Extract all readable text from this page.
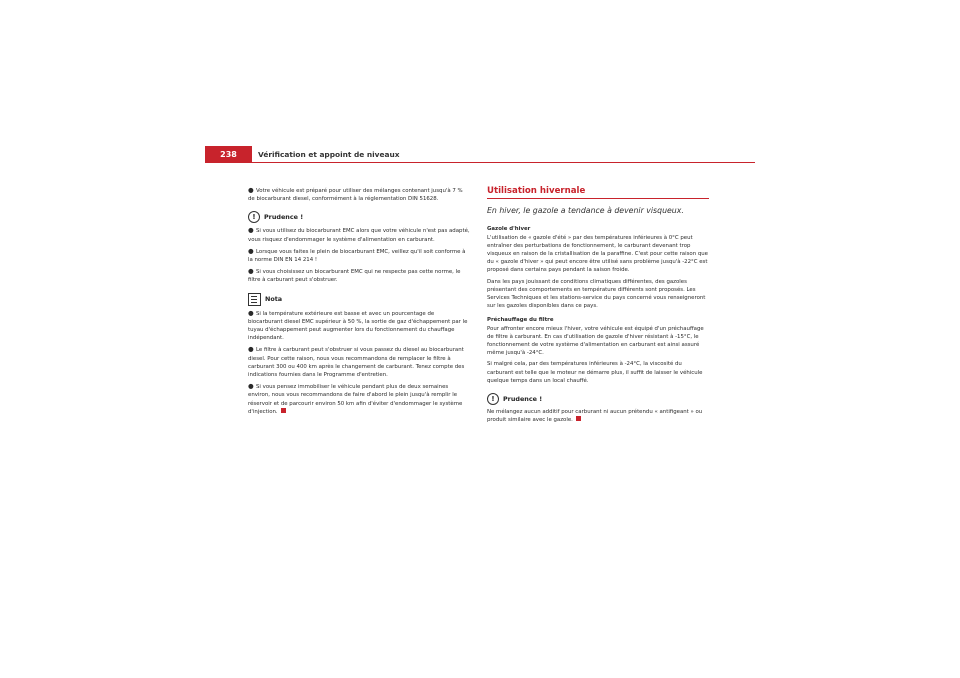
238	Vérification et appoint de niveaux
● Votre véhicule est préparé pour utiliser des mélanges contenant jusqu'à 7 % de biocarburant diesel, conformément à la réglementation DIN 51628.
!	Prudence !
● Si vous utilisez du biocarburant EMC alors que votre véhicule n'est pas adapté, vous risquez d'endommager le système d'alimentation en carburant.
● Lorsque vous faites le plein de biocarburant EMC, veillez qu'il soit conforme à la norme DIN EN 14 214 !
● Si vous choisissez un biocarburant EMC qui ne respecte pas cette norme, le filtre à carburant peut s'obstruer.
Nota
● Si la température extérieure est basse et avec un pourcentage de biocarburant diesel EMC supérieur à 50 %, la sortie de gaz d'échappement par le tuyau d'échappement peut augmenter lors du fonctionnement du chauffage indépendant.
● Le filtre à carburant peut s'obstruer si vous passez du diesel au biocarburant diesel. Pour cette raison, nous vous recommandons de remplacer le filtre à carburant 300 ou 400 km après le changement de carburant. Tenez compte des indications fournies dans le Programme d'entretien.
● Si vous pensez immobiliser le véhicule pendant plus de deux semaines environ, nous vous recommandons de faire d'abord le plein jusqu'à remplir le réservoir et de parcourir environ 50 km afin d'éviter d'endommager le système d'injection.
Utilisation hivernale
En hiver, le gazole a tendance à devenir visqueux.
Gazole d'hiver

L'utilisation de « gazole d'été » par des températures inférieures à 0°C peut entraîner des perturbations de fonctionnement, le carburant devenant trop visqueux en raison de la cristallisation de la paraffine. C'est pour cette raison que du « gazole d'hiver » qui peut encore être utilisé sans problème jusqu'à -22°C est proposé dans certains pays pendant la saison froide.

Dans les pays jouissant de conditions climatiques différentes, des gazoles présentant des comportements en température différents sont proposés. Les Services Techniques et les stations-service du pays concerné vous renseigneront sur les gazoles disponibles dans ce pays.

Préchauffage du filtre

Pour affronter encore mieux l'hiver, votre véhicule est équipé d'un préchauffage de filtre à carburant. En cas d'utilisation de gazole d'hiver résistant à -15°C, le fonctionnement de votre système d'alimentation en carburant est ainsi assuré même jusqu'à -24°C.

Si malgré cela, par des températures inférieures à -24°C, la viscosité du carburant est telle que le moteur ne démarre plus, il suffit de laisser le véhicule quelque temps dans un local chauffé.

!	Prudence !

Ne mélangez aucun additif pour carburant ni aucun prétendu « antifigeant » ou produit similaire avec le gazole.
